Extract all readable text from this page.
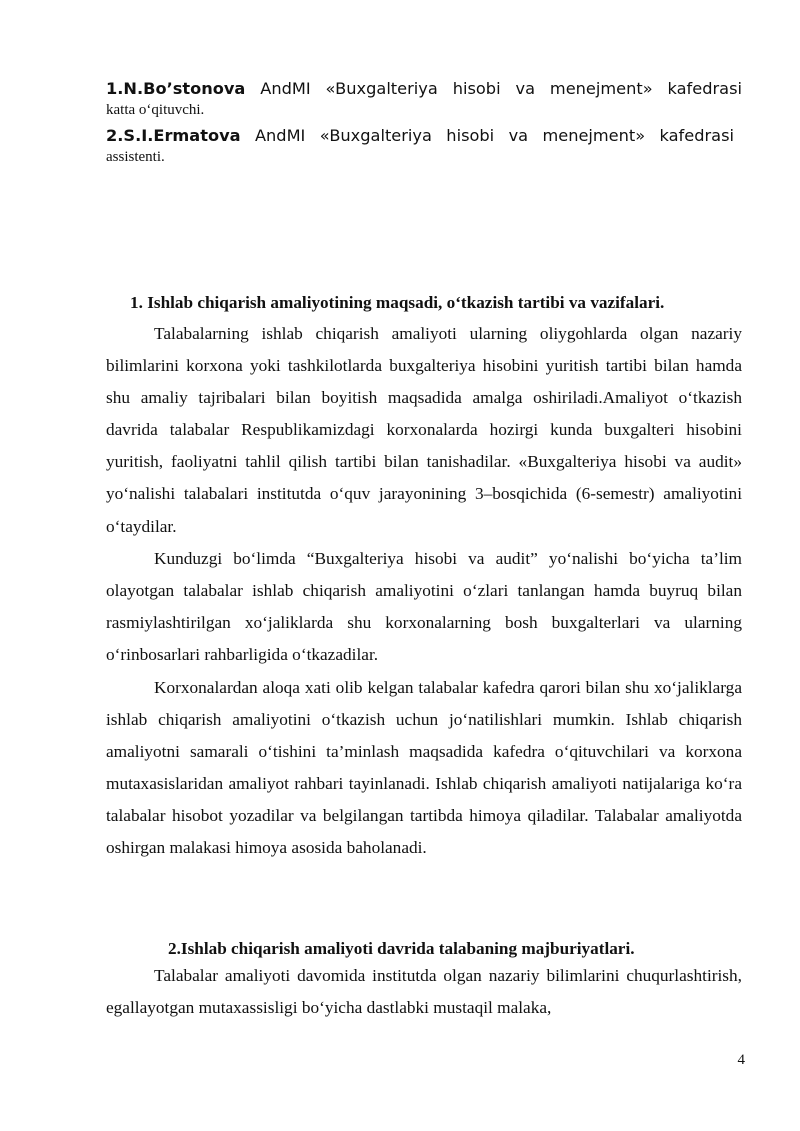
1.N.Bo’stonova AndMI «Buxgalteriya hisobi va menejment» kafedrasi
katta o‘qituvchi.
2.S.I.Ermatova AndMI «Buxgalteriya hisobi va menejment» kafedrasi
assistenti.
1. Ishlab chiqarish amaliyotining maqsadi, o‘tkazish tartibi va vazifalari.

Talabalarning ishlab chiqarish amaliyoti ularning oliygohlarda olgan nazariy bilimlarini korxona yoki tashkilotlarda buxgalteriya hisobini yuritish tartibi bilan hamda shu amaliy tajribalari bilan boyitish maqsadida amalga oshiriladi.Amaliyot o‘tkazish davrida talabalar Respublikamizdagi korxonalarda hozirgi kunda buxgalteri hisobini yuritish, faoliyatni tahlil qilish tartibi bilan tanishadilar. «Buxgalteriya hisobi va audit» yo‘nalishi talabalari institutda o‘quv jarayonining 3–bosqichida (6-semestr) amaliyotini o‘taydilar.

Kunduzgi bo‘limda “Buxgalteriya hisobi va audit” yo‘nalishi bo‘yicha ta’lim olayotgan talabalar ishlab chiqarish amaliyotini o‘zlari tanlangan hamda buyruq bilan rasmiylashtirilgan xo‘jaliklarda shu korxonalarning bosh buxgalterlari va ularning o‘rinbosarlari rahbarligida o‘tkazadilar.

Korxonalardan aloqa xati olib kelgan talabalar kafedra qarori bilan shu xo‘jaliklarga ishlab chiqarish amaliyotini o‘tkazish uchun jo‘natilishlari mumkin. Ishlab chiqarish amaliyotni samarali o‘tishini ta’minlash maqsadida kafedra o‘qituvchilari va korxona mutaxasislaridan amaliyot rahbari tayinlanadi. Ishlab chiqarish amaliyoti natijalariga ko‘ra talabalar hisobot yozadilar va belgilangan tartibda himoya qiladilar. Talabalar amaliyotda oshirgan malakasi himoya asosida baholanadi.

2.Ishlab chiqarish amaliyoti davrida talabaning majburiyatlari.

Talabalar amaliyoti davomida institutda olgan nazariy bilimlarini chuqurlashtirish, egallayotgan mutaxassisligi bo‘yicha dastlabki mustaqil malaka,

4
